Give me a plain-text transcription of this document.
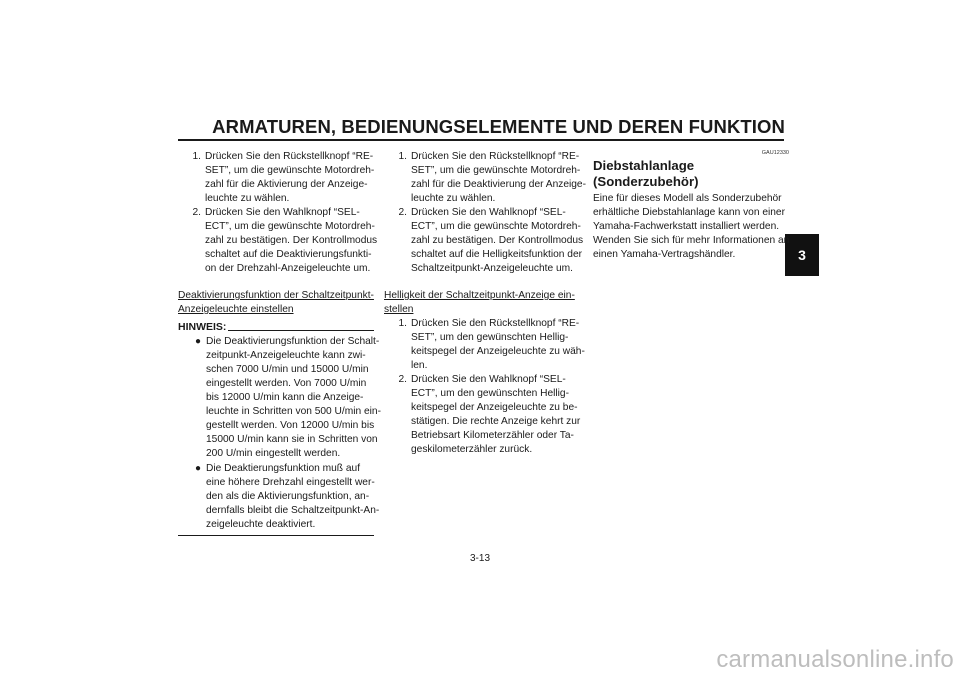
ARMATUREN, BEDIENUNGSELEMENTE UND DEREN FUNKTION
3
1. Drücken Sie den Rückstellknopf “RE-
SET”, um die gewünschte Motordreh-
zahl für die Aktivierung der Anzeige-
leuchte zu wählen.
2. Drücken Sie den Wahlknopf “SEL-
ECT”, um die gewünschte Motordreh-
zahl zu bestätigen. Der Kontrollmodus
schaltet auf die Deaktivierungsfunkti-
on der Drehzahl-Anzeigeleuchte um.
Deaktivierungsfunktion der Schaltzeitpunkt-
Anzeigeleuchte einstellen
HINWEIS:
● Die Deaktivierungsfunktion der Schalt-
zeitpunkt-Anzeigeleuchte kann zwi-
schen 7000 U/min und 15000 U/min
eingestellt werden. Von 7000 U/min
bis 12000 U/min kann die Anzeige-
leuchte in Schritten von 500 U/min ein-
gestellt werden. Von 12000 U/min bis
15000 U/min kann sie in Schritten von
200 U/min eingestellt werden.
● Die Deaktierungsfunktion muß auf
eine höhere Drehzahl eingestellt wer-
den als die Aktivierungsfunktion, an-
dernfalls bleibt die Schaltzeitpunkt-An-
zeigeleuchte deaktiviert.
1. Drücken Sie den Rückstellknopf “RE-
SET”, um die gewünschte Motordreh-
zahl für die Deaktivierung der Anzeige-
leuchte zu wählen.
2. Drücken Sie den Wahlknopf “SEL-
ECT”, um die gewünschte Motordreh-
zahl zu bestätigen. Der Kontrollmodus
schaltet auf die Helligkeitsfunktion der
Schaltzeitpunkt-Anzeigeleuchte um.
Helligkeit der Schaltzeitpunkt-Anzeige ein-
stellen
1. Drücken Sie den Rückstellknopf “RE-
SET”, um den gewünschten Hellig-
keitspegel der Anzeigeleuchte zu wäh-
len.
2. Drücken Sie den Wahlknopf “SEL-
ECT”, um den gewünschten Hellig-
keitspegel der Anzeigeleuchte zu be-
stätigen. Die rechte Anzeige kehrt zur
Betriebsart Kilometerzähler oder Ta-
geskilometerzähler zurück.
GAU12330
Diebstahlanlage
(Sonderzubehör)
Eine für dieses Modell als Sonderzubehör
erhältliche Diebstahlanlage kann von einer
Yamaha-Fachwerkstatt installiert werden.
Wenden Sie sich für mehr Informationen an
einen Yamaha-Vertragshändler.
3-13
carmanualsonline.info
